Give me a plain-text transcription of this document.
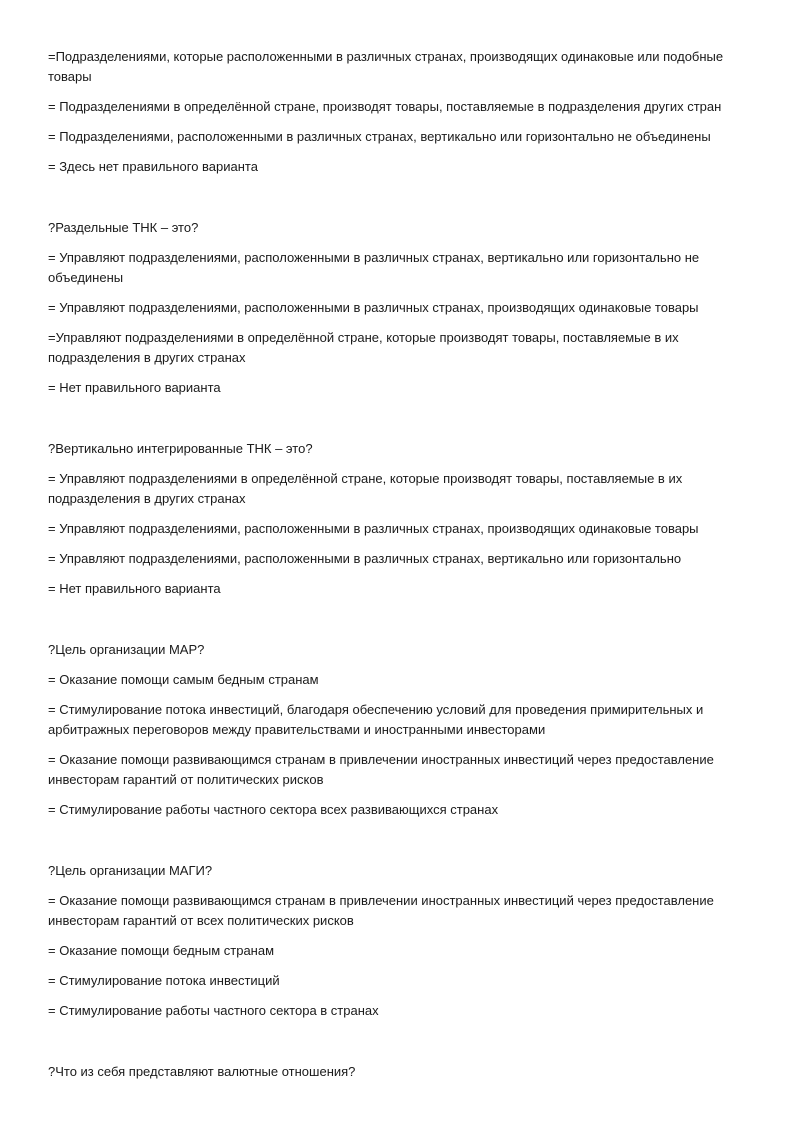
=Подразделениями, которые расположенными в различных странах, производящих одинаковые или подобные товары

= Подразделениями в определённой стране, производят товары, поставляемые в подразделения других стран

= Подразделениями, расположенными в различных странах, вертикально или горизонтально не объединены

= Здесь нет правильного варианта

?Раздельные ТНК – это?

= Управляют подразделениями, расположенными в различных странах, вертикально или горизонтально не объединены

= Управляют подразделениями, расположенными в различных странах, производящих одинаковые товары

=Управляют подразделениями в определённой стране, которые производят товары, поставляемые в их подразделения в других странах

= Нет правильного варианта

?Вертикально интегрированные ТНК – это?

= Управляют подразделениями в определённой стране, которые производят товары, поставляемые в их подразделения в других странах

= Управляют подразделениями, расположенными в различных странах, производящих одинаковые товары

= Управляют подразделениями, расположенными в различных странах, вертикально или горизонтально

= Нет правильного варианта

?Цель организации МАР?

= Оказание помощи самым бедным странам

= Стимулирование потока инвестиций, благодаря обеспечению условий для проведения примирительных и арбитражных переговоров между правительствами и иностранными инвесторами

= Оказание помощи развивающимся странам в привлечении иностранных инвестиций через предоставление инвесторам гарантий от политических рисков

= Стимулирование работы частного сектора всех развивающихся странах

?Цель организации МАГИ?

= Оказание помощи развивающимся странам в привлечении иностранных инвестиций через предоставление инвесторам гарантий от всех политических рисков

= Оказание помощи бедным странам

= Стимулирование потока инвестиций

= Стимулирование работы частного сектора в странах

?Что из себя представляют валютные отношения?
